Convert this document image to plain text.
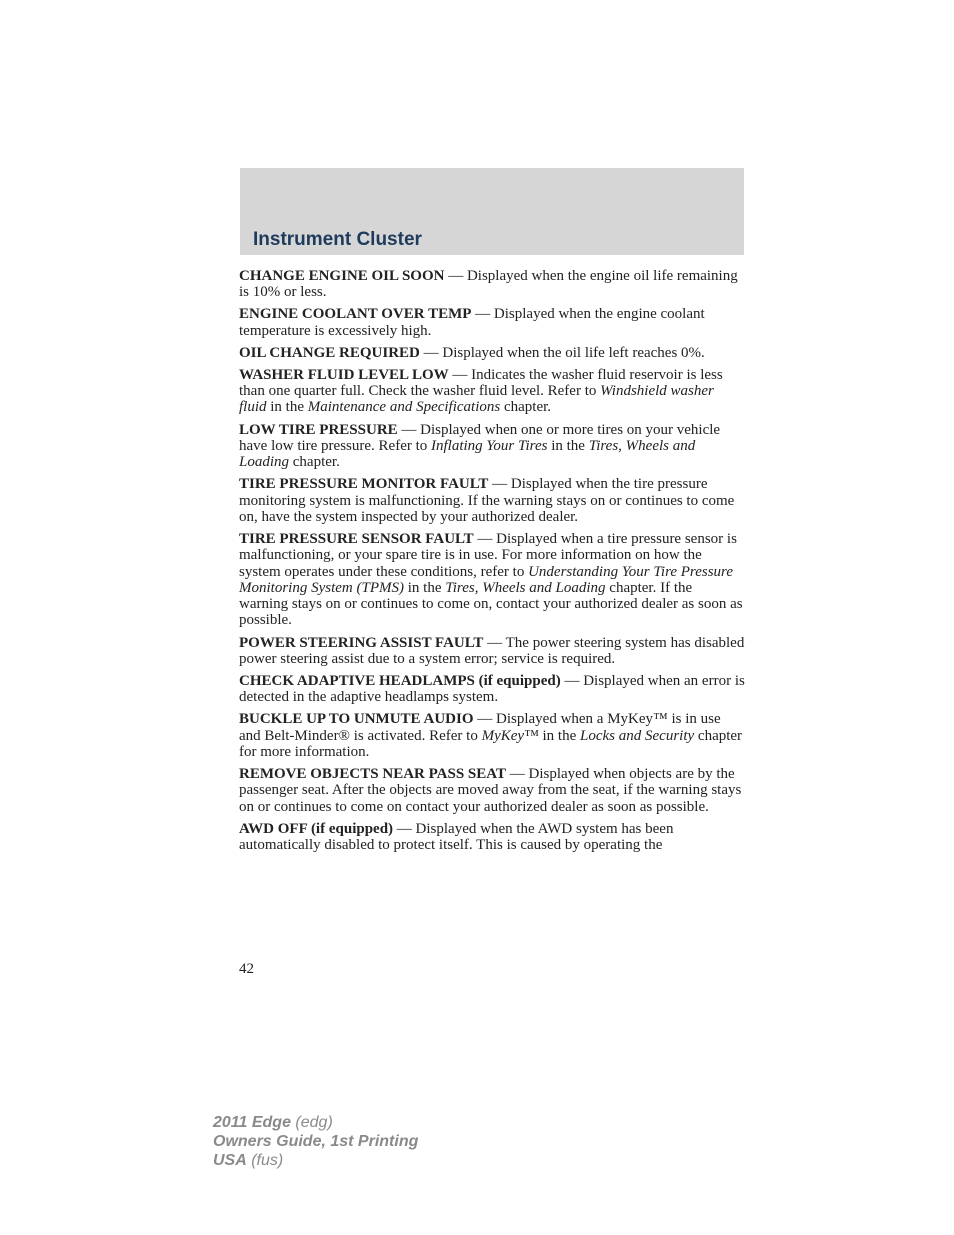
Instrument Cluster

CHANGE ENGINE OIL SOON — Displayed when the engine oil life remaining is 10% or less.

ENGINE COOLANT OVER TEMP — Displayed when the engine coolant temperature is excessively high.

OIL CHANGE REQUIRED — Displayed when the oil life left reaches 0%.

WASHER FLUID LEVEL LOW — Indicates the washer fluid reservoir is less than one quarter full. Check the washer fluid level. Refer to Windshield washer fluid in the Maintenance and Specifications chapter.

LOW TIRE PRESSURE — Displayed when one or more tires on your vehicle have low tire pressure. Refer to Inflating Your Tires in the Tires, Wheels and Loading chapter.

TIRE PRESSURE MONITOR FAULT — Displayed when the tire pressure monitoring system is malfunctioning. If the warning stays on or continues to come on, have the system inspected by your authorized dealer.

TIRE PRESSURE SENSOR FAULT — Displayed when a tire pressure sensor is malfunctioning, or your spare tire is in use. For more information on how the system operates under these conditions, refer to Understanding Your Tire Pressure Monitoring System (TPMS) in the Tires, Wheels and Loading chapter. If the warning stays on or continues to come on, contact your authorized dealer as soon as possible.

POWER STEERING ASSIST FAULT — The power steering system has disabled power steering assist due to a system error; service is required.

CHECK ADAPTIVE HEADLAMPS (if equipped) — Displayed when an error is detected in the adaptive headlamps system.

BUCKLE UP TO UNMUTE AUDIO — Displayed when a MyKey™ is in use and Belt-Minder® is activated. Refer to MyKey™ in the Locks and Security chapter for more information.

REMOVE OBJECTS NEAR PASS SEAT — Displayed when objects are by the passenger seat. After the objects are moved away from the seat, if the warning stays on or continues to come on contact your authorized dealer as soon as possible.

AWD OFF (if equipped) — Displayed when the AWD system has been automatically disabled to protect itself. This is caused by operating the

42
2011 Edge (edg)
Owners Guide, 1st Printing
USA (fus)
